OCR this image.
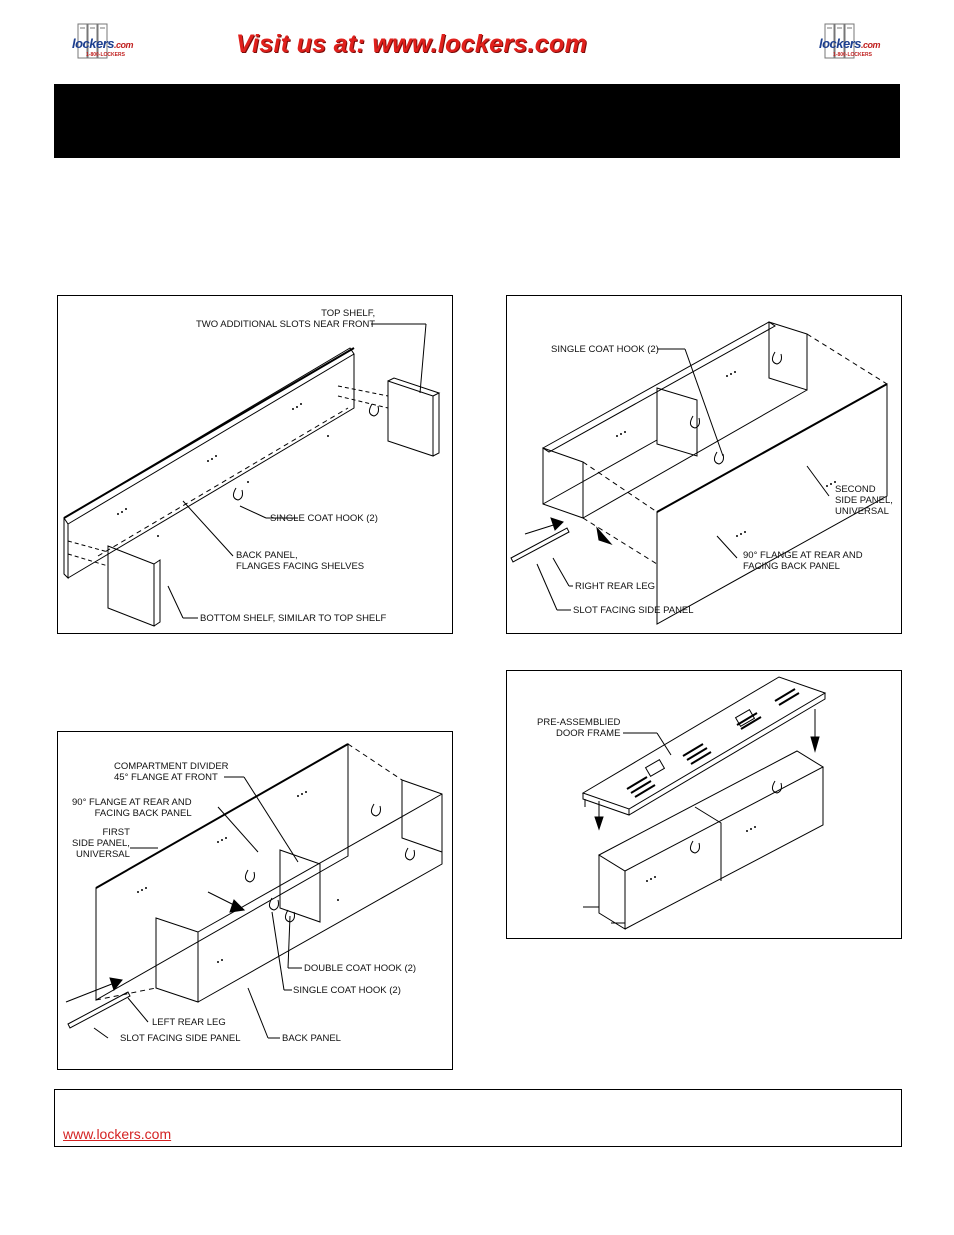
lockers.com
1-800-LOCKERS	Visit us at: www.lockers.com	lockers.com
1-800-LOCKERS
TOP SHELF,
TWO ADDITIONAL SLOTS NEAR FRONT
SINGLE COAT HOOK (2)
BACK PANEL,
FLANGES FACING SHELVES
BOTTOM SHELF, SIMILAR TO TOP SHELF
SINGLE COAT HOOK (2)
SECOND
SIDE PANEL,
UNIVERSAL
90° FLANGE AT REAR AND
FACING BACK PANEL
RIGHT REAR LEG
SLOT FACING SIDE PANEL
COMPARTMENT DIVIDER
45° FLANGE AT FRONT
90° FLANGE AT REAR AND
FACING BACK PANEL
FIRST
SIDE PANEL,
UNIVERSAL
DOUBLE COAT HOOK (2)
SINGLE COAT HOOK (2)
LEFT REAR LEG
SLOT FACING SIDE PANEL	BACK PANEL
PRE-ASSEMBLIED
DOOR FRAME
www.lockers.com
